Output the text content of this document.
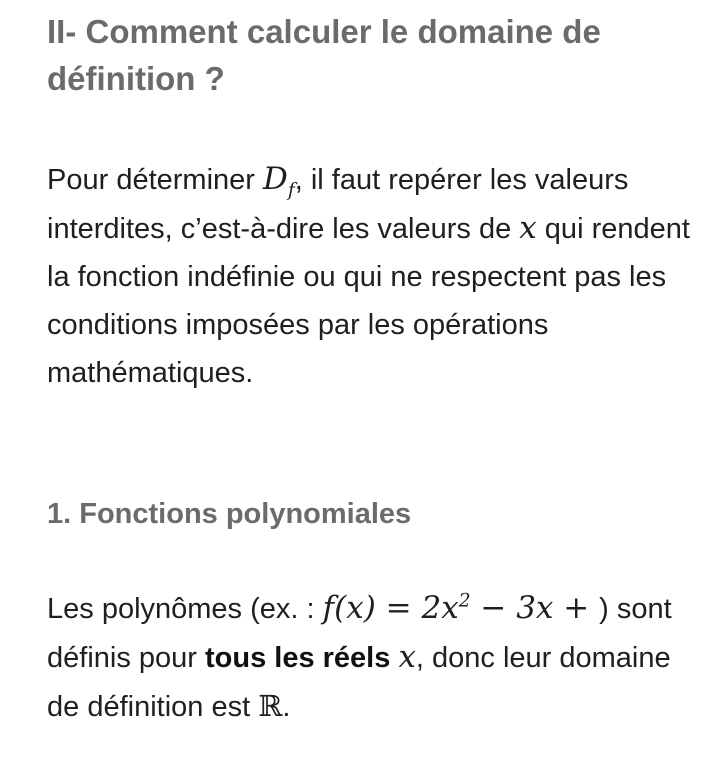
II- Comment calculer le domaine de définition ?
Pour déterminer $D_f$, il faut repérer les valeurs interdites, c’est-à-dire les valeurs de x qui rendent la fonction indéfinie ou qui ne respectent pas les conditions imposées par les opérations mathématiques.
1. Fonctions polynomiales
Les polynômes (ex. : $f(x) = 2x^2 - 3x$ + ) sont définis pour tous les réels x, donc leur domaine de définition est ℝ.
